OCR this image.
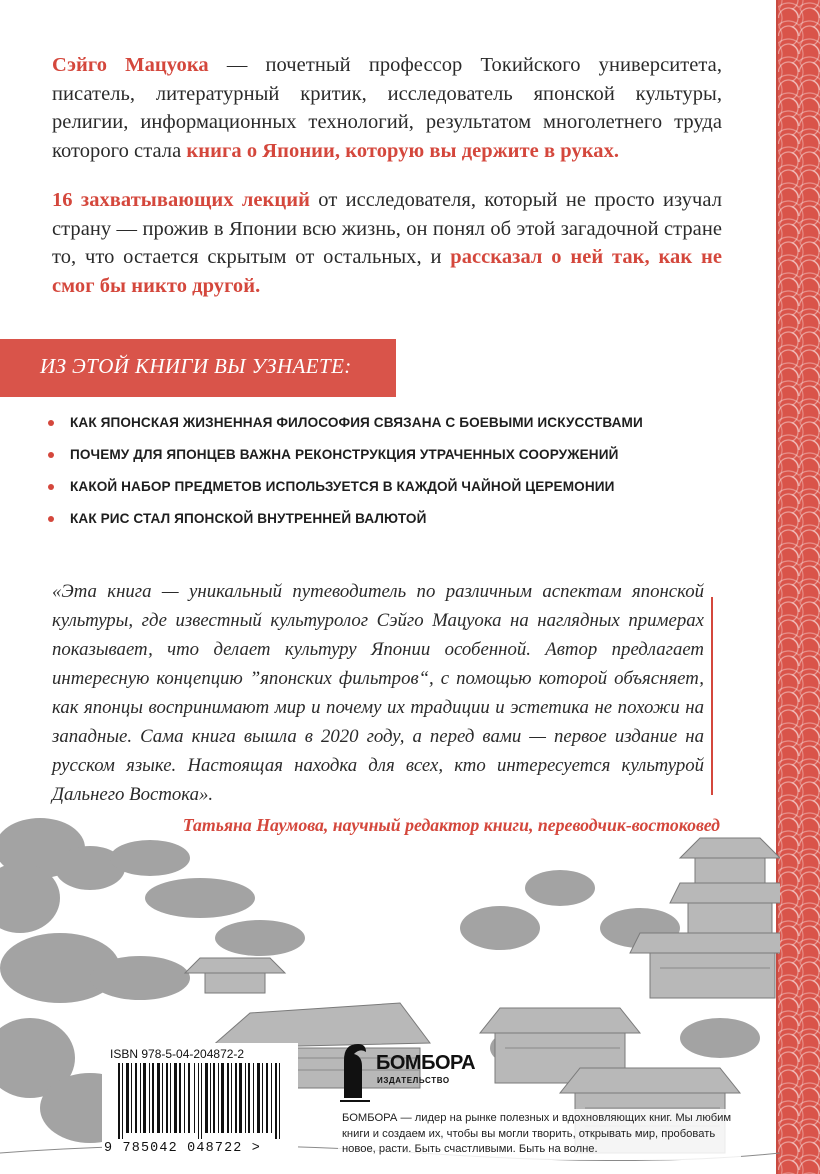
Сэйго Мацуока — почетный профессор Токийского университета, писатель, литературный критик, исследователь японской культуры, религии, информационных технологий, результатом многолетнего труда которого стала книга о Японии, которую вы держите в руках.

16 захватывающих лекций от исследователя, который не просто изучал страну — прожив в Японии всю жизнь, он понял об этой загадочной стране то, что остается скрытым от остальных, и рассказал о ней так, как не смог бы никто другой.

ИЗ ЭТОЙ КНИГИ ВЫ УЗНАЕТЕ:
КАК ЯПОНСКАЯ ЖИЗНЕННАЯ ФИЛОСОФИЯ СВЯЗАНА С БОЕВЫМИ ИСКУССТВАМИ
ПОЧЕМУ ДЛЯ ЯПОНЦЕВ ВАЖНА РЕКОНСТРУКЦИЯ УТРАЧЕННЫХ СООРУЖЕНИЙ
КАКОЙ НАБОР ПРЕДМЕТОВ ИСПОЛЬЗУЕТСЯ В КАЖДОЙ ЧАЙНОЙ ЦЕРЕМОНИИ
КАК РИС СТАЛ ЯПОНСКОЙ ВНУТРЕННЕЙ ВАЛЮТОЙ

«Эта книга — уникальный путеводитель по различным аспектам японской культуры, где известный культуролог Сэйго Мацуока на наглядных примерах показывает, что делает культуру Японии особенной. Автор предлагает интересную концепцию ”японских фильтров“, с помощью которой объясняет, как японцы воспринимают мир и почему их традиции и эстетика не похожи на западные. Сама книга вышла в 2020 году, а перед вами — первое издание на русском языке. Настоящая находка для всех, кто интересуется культурой Дальнего Востока».

Татьяна Наумова, научный редактор книги, переводчик-востоковед
ISBN 978-5-04-204872-2
9 785042 048722 >
БОМБОРА
ИЗДАТЕЛЬСТВО
БОМБОРА — лидер на рынке полезных и вдохновляющих книг. Мы любим книги и создаем их, чтобы вы могли творить, открывать мир, пробовать новое, расти. Быть счастливыми. Быть на волне.
